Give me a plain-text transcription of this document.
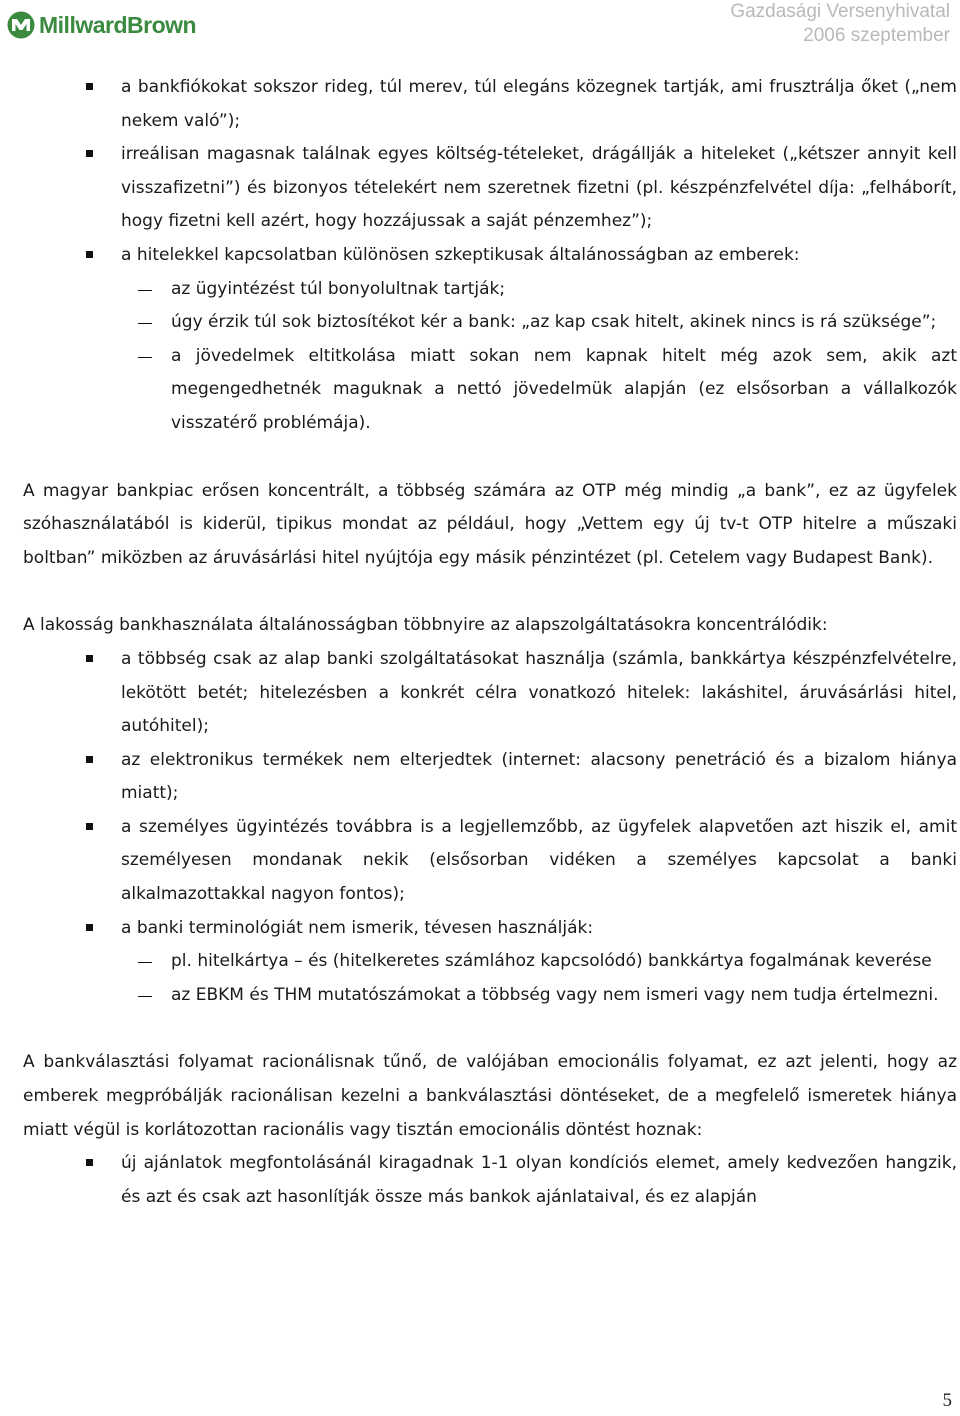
MillwardBrown	Gazdasági Versenyhivatal
2006 szeptember
a bankfiókokat sokszor rideg, túl merev, túl elegáns közegnek tartják, ami frusztrálja őket („nem nekem való”);
irreálisan magasnak találnak egyes költség-tételeket, drágállják a hiteleket („kétszer annyit kell visszafizetni”) és bizonyos tételekért nem szeretnek fizetni (pl. készpénzfelvétel díja: „felháborít, hogy fizetni kell azért, hogy hozzájussak a saját pénzemhez”);
a hitelekkel kapcsolatban különösen szkeptikusak általánosságban az emberek:
az ügyintézést túl bonyolultnak tartják;
úgy érzik túl sok biztosítékot kér a bank: „az kap csak hitelt, akinek nincs is rá szüksége”;
a jövedelmek eltitkolása miatt sokan nem kapnak hitelt még azok sem, akik azt megengedhetnék maguknak a nettó jövedelmük alapján (ez elsősorban a vállalkozók visszatérő problémája).

A magyar bankpiac erősen koncentrált, a többség számára az OTP még mindig „a bank”, ez az ügyfelek szóhasználatából is kiderül, tipikus mondat az például, hogy „Vettem egy új tv-t OTP hitelre a műszaki boltban” miközben az áruvásárlási hitel nyújtója egy másik pénzintézet (pl. Cetelem vagy Budapest Bank).

A lakosság bankhasználata általánosságban többnyire az alapszolgáltatásokra koncentrálódik:

a többség csak az alap banki szolgáltatásokat használja (számla, bankkártya készpénzfelvételre, lekötött betét; hitelezésben a konkrét célra vonatkozó hitelek: lakáshitel, áruvásárlási hitel, autóhitel);
az elektronikus termékek nem elterjedtek (internet: alacsony penetráció és a bizalom hiánya miatt);
a személyes ügyintézés továbbra is a legjellemzőbb, az ügyfelek alapvetően azt hiszik el, amit személyesen mondanak nekik (elsősorban vidéken a személyes kapcsolat a banki alkalmazottakkal nagyon fontos);
a banki terminológiát nem ismerik, tévesen használják:
pl. hitelkártya – és (hitelkeretes számlához kapcsolódó) bankkártya fogalmának keverése
az EBKM és THM mutatószámokat a többség vagy nem ismeri vagy nem tudja értelmezni.

A bankválasztási folyamat racionálisnak tűnő, de valójában emocionális folyamat, ez azt jelenti, hogy az emberek megpróbálják racionálisan kezelni a bankválasztási döntéseket, de a megfelelő ismeretek hiánya miatt végül is korlátozottan racionális vagy tisztán emocionális döntést hoznak:

új ajánlatok megfontolásánál kiragadnak 1-1 olyan kondíciós elemet, amely kedvezően hangzik, és azt és csak azt hasonlítják össze más bankok ajánlataival, és ez alapján
5
